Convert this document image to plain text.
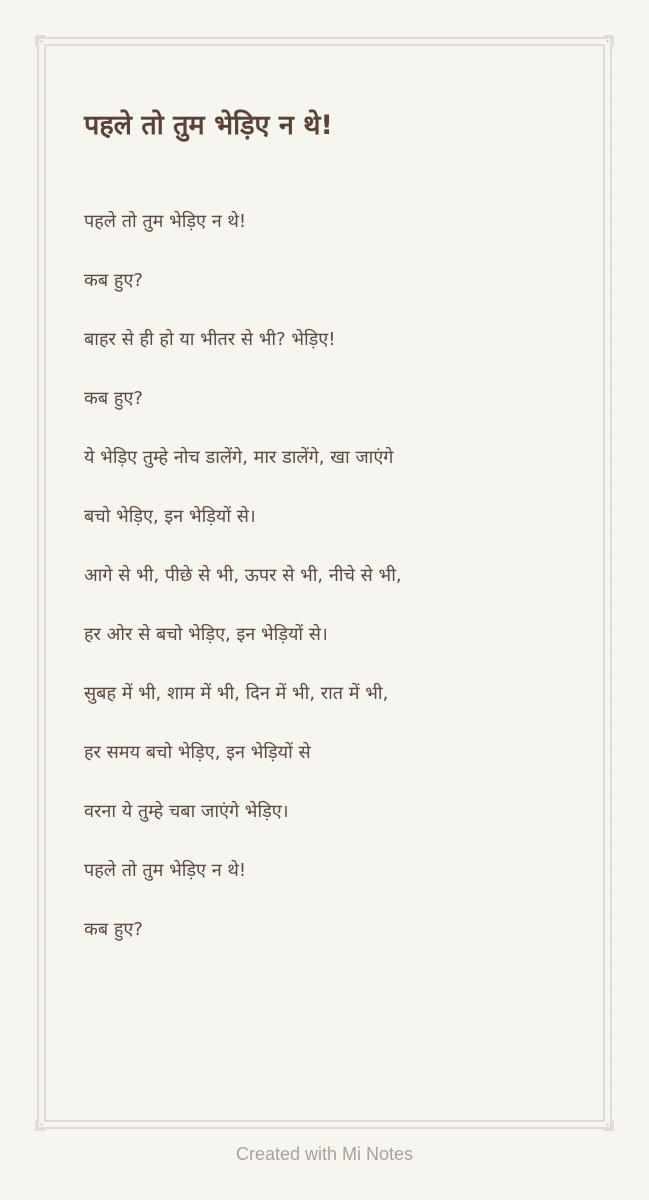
पहले तो तुम भेड़िए न थे!
पहले तो तुम भेड़िए न थे!
कब हुए?
बाहर से ही हो या भीतर से भी? भेड़िए!
कब हुए?
ये भेड़िए तुम्हे नोच डालेंगे, मार डालेंगे, खा जाएंगे
बचो भेड़िए, इन भेड़ियों से।
आगे से भी, पीछे से भी, ऊपर से भी, नीचे से भी,
हर ओर से बचो भेड़िए, इन भेड़ियों से।
सुबह में भी, शाम में भी, दिन में भी, रात में भी,
हर समय बचो भेड़िए, इन भेड़ियों से
वरना ये तुम्हे चबा जाएंगे भेड़िए।
पहले तो तुम भेड़िए न थे!
कब हुए?
Created with Mi Notes
